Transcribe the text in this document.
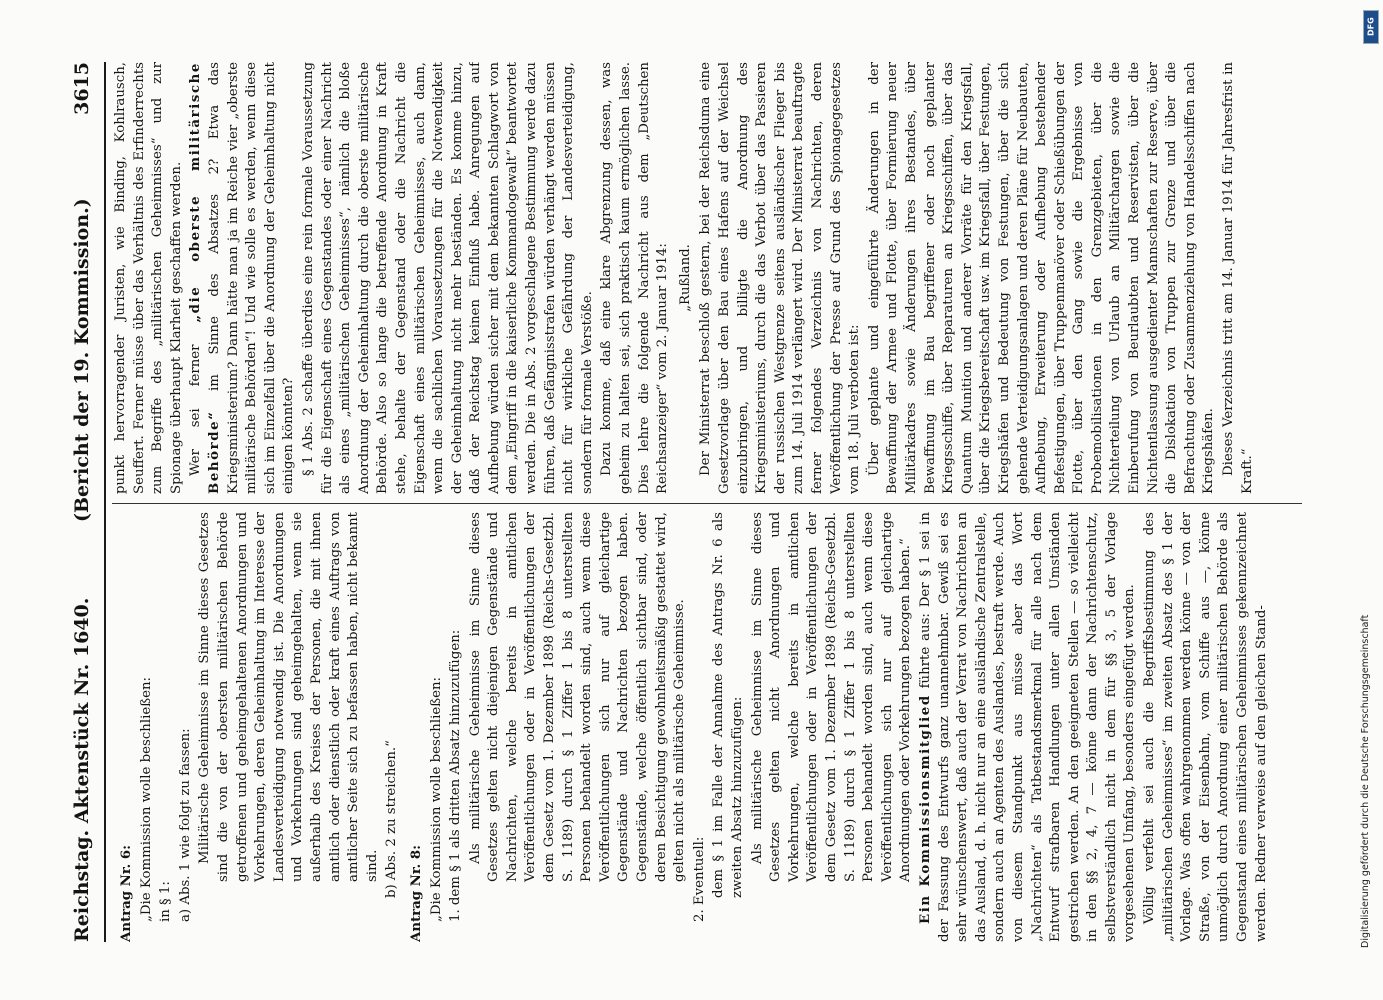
Reichstag. Aktenstück Nr. 1640.
(Bericht der 19. Kommission.)
3615

Antrag Nr. 6: „Die Kommission wolle beschließen: in § 1: a) Abs. 1 wie folgt zu fassen: Militärische Geheimnisse im Sinne dieses Gesetzes sind die von der obersten militärischen Behörde getroffenen und geheimgehaltenen Anordnungen und Vorkehrungen, deren Geheimhaltung im Interesse der Landesverteidigung notwendig ist. Die Anordnungen und Vorkehrungen sind geheimgehalten, wenn sie außerhalb des Kreises der Personen, die mit ihnen amtlich oder dienstlich oder kraft eines Auftrags von amtlicher Seite sich zu befassen haben, nicht bekannt sind. b) Abs. 2 zu streichen.“ Antrag Nr. 8: „Die Kommission wolle beschließen: 1. dem § 1 als dritten Absatz hinzuzufügen: Als militärische Geheimnisse im Sinne dieses Gesetzes gelten nicht diejenigen Gegenstände und Nachrichten, welche bereits in amtlichen Veröffentlichungen oder in Veröffentlichungen der dem Gesetz vom 1. Dezember 1898 (Reichs-Gesetzbl. S. 1189) durch § 1 Ziffer 1 bis 8 unterstellten Personen behandelt worden sind, auch wenn diese Veröffentlichungen sich nur auf gleichartige Gegenstände und Nachrichten bezogen haben. Gegenstände, welche öffentlich sichtbar sind, oder deren Besichtigung gewohnheitsmäßig gestattet wird, gelten nicht als militärische Geheimnisse. 2. Eventuell: dem § 1 im Falle der Annahme des Antrags Nr. 6 als zweiten Absatz hinzuzufügen: Als militärische Geheimnisse im Sinne dieses Gesetzes gelten nicht Anordnungen und Vorkehrungen, welche bereits in amtlichen Veröffentlichungen oder in Veröffentlichungen der dem Gesetz vom 1. Dezember 1898 (Reichs-Gesetzbl. S. 1189) durch § 1 Ziffer 1 bis 8 unterstellten Personen behandelt worden sind, auch wenn diese Veröffentlichungen sich nur auf gleichartige Anordnungen oder Vorkehrungen bezogen haben.“ Ein Kommissionsmitglied führte aus: Der § 1 sei in der Fassung des Entwurfs ganz unannehmbar. Gewiß sei es sehr wünschenswert, daß auch der Verrat von Nachrichten an das Ausland, d. h. nicht nur an eine ausländische Zentralstelle, sondern auch an Agenten des Auslandes, bestraft werde. Auch von diesem Standpunkt aus müsse aber das Wort „Nachrichten“ als Tatbestandsmerkmal für alle nach dem Entwurf strafbaren Handlungen unter allen Umständen gestrichen werden. An den geeigneten Stellen — so vielleicht in den §§ 2, 4, 7 — könne dann der Nachrichtenschutz, selbstverständlich nicht in dem für §§ 3, 5 der Vorlage vorgesehenen Umfang, besonders eingefügt werden. Völlig verfehlt sei auch die Begriffsbestimmung des „militärischen Geheimnisses“ im zweiten Absatz des § 1 der Vorlage. Was offen wahrgenommen werden könne — von der Straße, von der Eisenbahn, vom Schiffe aus —, könne unmöglich durch Anordnung einer militärischen Behörde als Gegenstand eines militärischen Geheimnisses gekennzeichnet werden. Redner verweise auf den gleichen Stand-

punkt hervorragender Juristen, wie Binding, Kohlrausch, Seuffert. Ferner müsse über das Verhältnis des Erfinderrechts zum Begriffe des „militärischen Geheimnisses“ und zur Spionage überhaupt Klarheit geschaffen werden. Wer sei ferner „die oberste militärische Behörde“ im Sinne des Absatzes 2? Etwa das Kriegsministerium? Dann hätte man ja im Reiche vier „oberste militärische Behörden“! Und wie solle es werden, wenn diese sich im Einzelfall über die Anordnung der Geheimhaltung nicht einigen könnten? § 1 Abs. 2 schaffe überdies eine rein formale Voraussetzung für die Eigenschaft eines Gegenstandes oder einer Nachricht als eines „militärischen Geheimnisses“, nämlich die bloße Anordnung der Geheimhaltung durch die oberste militärische Behörde. Also so lange die betreffende Anordnung in Kraft stehe, behalte der Gegenstand oder die Nachricht die Eigenschaft eines militärischen Geheimnisses, auch dann, wenn die sachlichen Voraussetzungen für die Notwendigkeit der Geheimhaltung nicht mehr beständen. Es komme hinzu, daß der Reichstag keinen Einfluß habe. Anregungen auf Aufhebung würden sicher mit dem bekannten Schlagwort von dem „Eingriff in die kaiserliche Kommandogewalt“ beantwortet werden. Die in Abs. 2 vorgeschlagene Bestimmung werde dazu führen, daß Gefängnisstrafen würden verhängt werden müssen nicht für wirkliche Gefährdung der Landesverteidigung, sondern für formale Verstöße. Dazu komme, daß eine klare Abgrenzung dessen, was geheim zu halten sei, sich praktisch kaum ermöglichen lasse. Dies lehre die folgende Nachricht aus dem „Deutschen Reichsanzeiger“ vom 2. Januar 1914: „Rußland. Der Ministerrat beschloß gestern, bei der Reichsduma eine Gesetzvorlage über den Bau eines Hafens auf der Weichsel einzubringen, und billigte die Anordnung des Kriegsministeriums, durch die das Verbot über das Passieren der russischen Westgrenze seitens ausländischer Flieger bis zum 14. Juli 1914 verlängert wird. Der Ministerrat beauftragte ferner folgendes Verzeichnis von Nachrichten, deren Veröffentlichung der Presse auf Grund des Spionagegesetzes vom 18. Juli verboten ist: Über geplante und eingeführte Änderungen in der Bewaffnung der Armee und Flotte, über Formierung neuer Militärkadres sowie Änderungen ihres Bestandes, über Bewaffnung im Bau begriffener oder noch geplanter Kriegsschiffe, über Reparaturen an Kriegsschiffen, über das Quantum Munition und anderer Vorräte für den Kriegsfall, über die Kriegsbereitschaft usw. im Kriegsfall, über Festungen, Kriegshäfen und Bedeutung von Festungen, über die sich gehende Verteidigungsanlagen und deren Pläne für Neubauten, Aufhebung, Erweiterung oder Aufhebung bestehender Befestigungen, über Truppenmanöver oder Schießübungen der Flotte, über den Gang sowie die Ergebnisse von Probemobilisationen in den Grenzgebieten, über die Nichterteilung von Urlaub an Militärchargen sowie die Einberufung von Beurlaubten und Reservisten, über die Nichtentlassung ausgedienter Mannschaften zur Reserve, über die Dislokation von Truppen zur Grenze und über die Befrachtung oder Zusammenziehung von Handelsschiffen nach Kriegshäfen. Dieses Verzeichnis tritt am 14. Januar 1914 für Jahresfrist in Kraft.“

DFG
Digitalisierung gefördert durch die Deutsche Forschungsgemeinschaft
